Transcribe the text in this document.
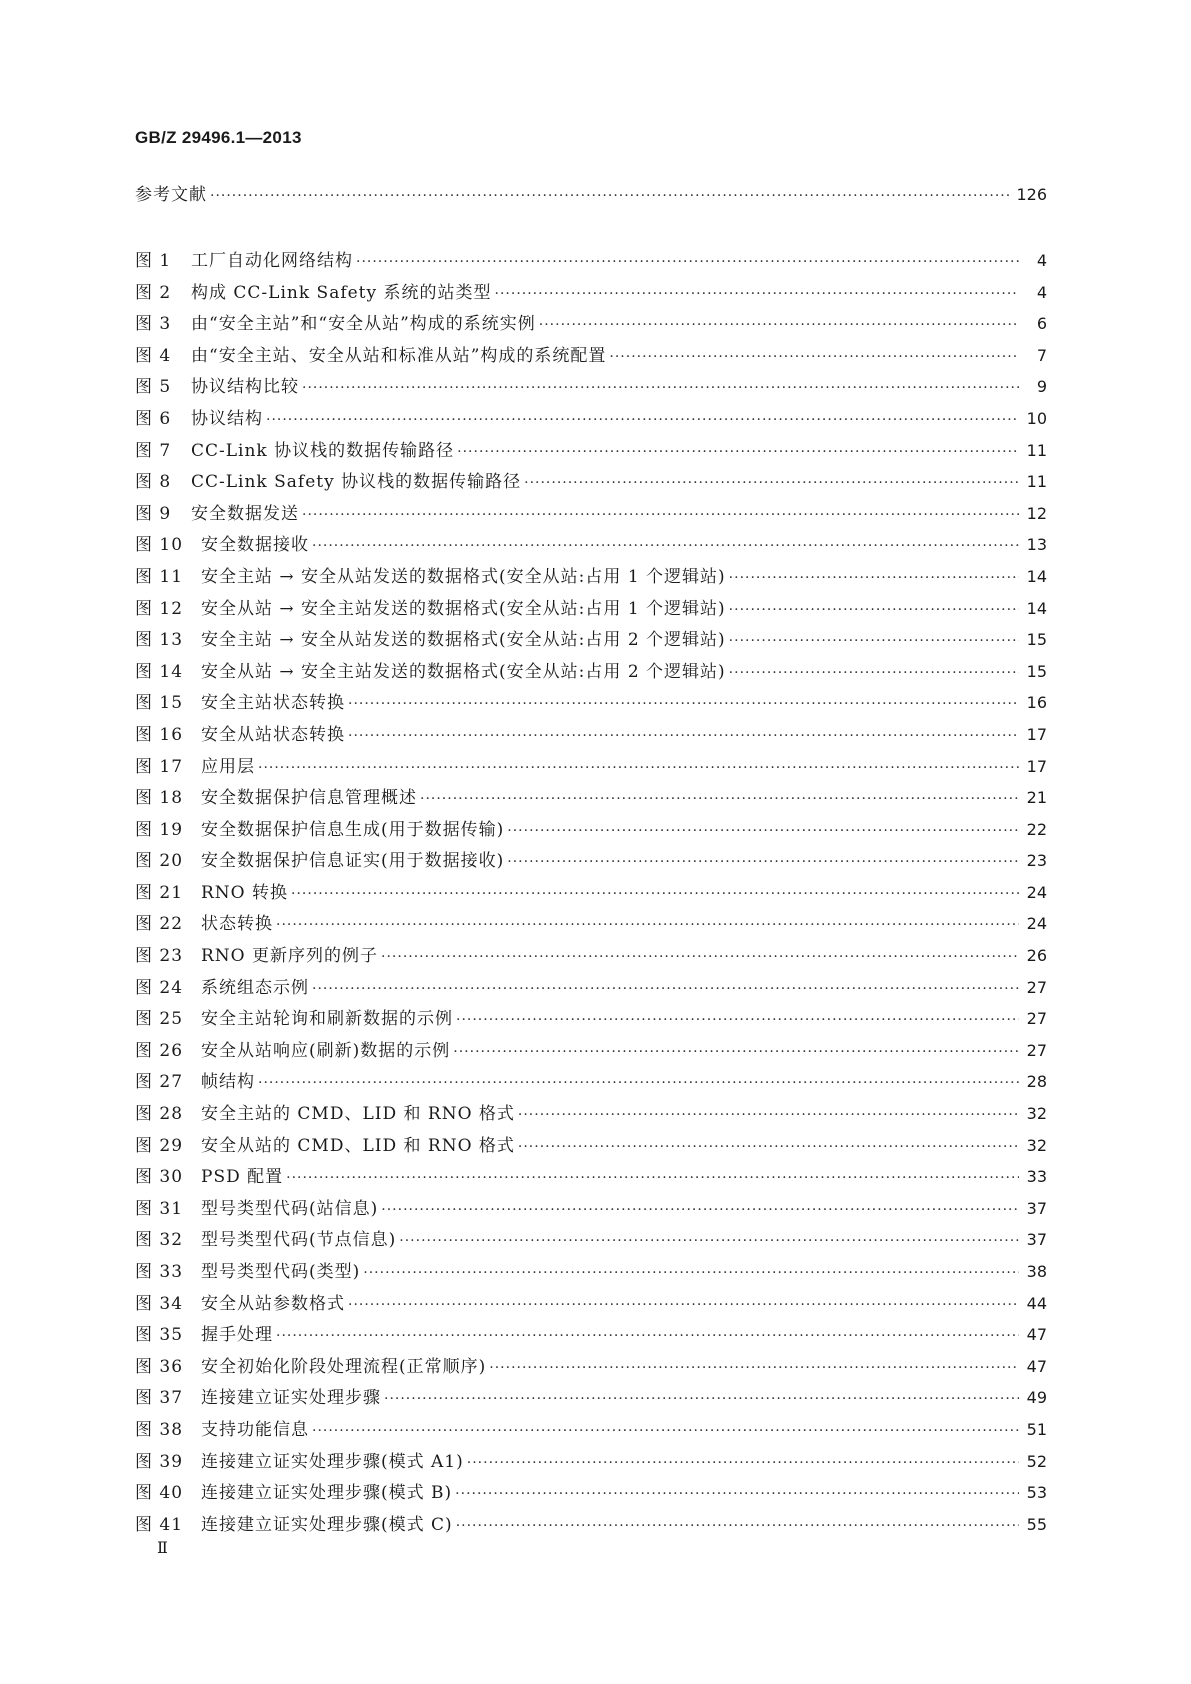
GB/Z 29496.1—2013
参考文献 ·····	126
图 1	工厂自动化网络结构 ·····	4
图 2	构成 CC-Link Safety 系统的站类型 ·····	4
图 3	由“安全主站”和“安全从站”构成的系统实例 ·····	6
图 4	由“安全主站、安全从站和标准从站”构成的系统配置 ·····	7
图 5	协议结构比较 ·····	9
图 6	协议结构 ·····	10
图 7	CC-Link 协议栈的数据传输路径 ·····	11
图 8	CC-Link Safety 协议栈的数据传输路径 ·····	11
图 9	安全数据发送 ·····	12
图 10	安全数据接收 ·····	13
图 11	安全主站 → 安全从站发送的数据格式(安全从站:占用 1 个逻辑站) ·····	14
图 12	安全从站 → 安全主站发送的数据格式(安全从站:占用 1 个逻辑站) ·····	14
图 13	安全主站 → 安全从站发送的数据格式(安全从站:占用 2 个逻辑站) ·····	15
图 14	安全从站 → 安全主站发送的数据格式(安全从站:占用 2 个逻辑站) ·····	15
图 15	安全主站状态转换 ·····	16
图 16	安全从站状态转换 ·····	17
图 17	应用层 ·····	17
图 18	安全数据保护信息管理概述 ·····	21
图 19	安全数据保护信息生成(用于数据传输) ·····	22
图 20	安全数据保护信息证实(用于数据接收) ·····	23
图 21	RNO 转换 ·····	24
图 22	状态转换 ·····	24
图 23	RNO 更新序列的例子 ·····	26
图 24	系统组态示例 ·····	27
图 25	安全主站轮询和刷新数据的示例 ·····	27
图 26	安全从站响应(刷新)数据的示例 ·····	27
图 27	帧结构 ·····	28
图 28	安全主站的 CMD、LID 和 RNO 格式 ·····	32
图 29	安全从站的 CMD、LID 和 RNO 格式 ·····	32
图 30	PSD 配置 ·····	33
图 31	型号类型代码(站信息) ·····	37
图 32	型号类型代码(节点信息) ·····	37
图 33	型号类型代码(类型) ·····	38
图 34	安全从站参数格式 ·····	44
图 35	握手处理 ·····	47
图 36	安全初始化阶段处理流程(正常顺序) ·····	47
图 37	连接建立证实处理步骤 ·····	49
图 38	支持功能信息 ·····	51
图 39	连接建立证实处理步骤(模式 A1) ·····	52
图 40	连接建立证实处理步骤(模式 B) ·····	53
图 41	连接建立证实处理步骤(模式 C) ·····	55
Ⅱ
